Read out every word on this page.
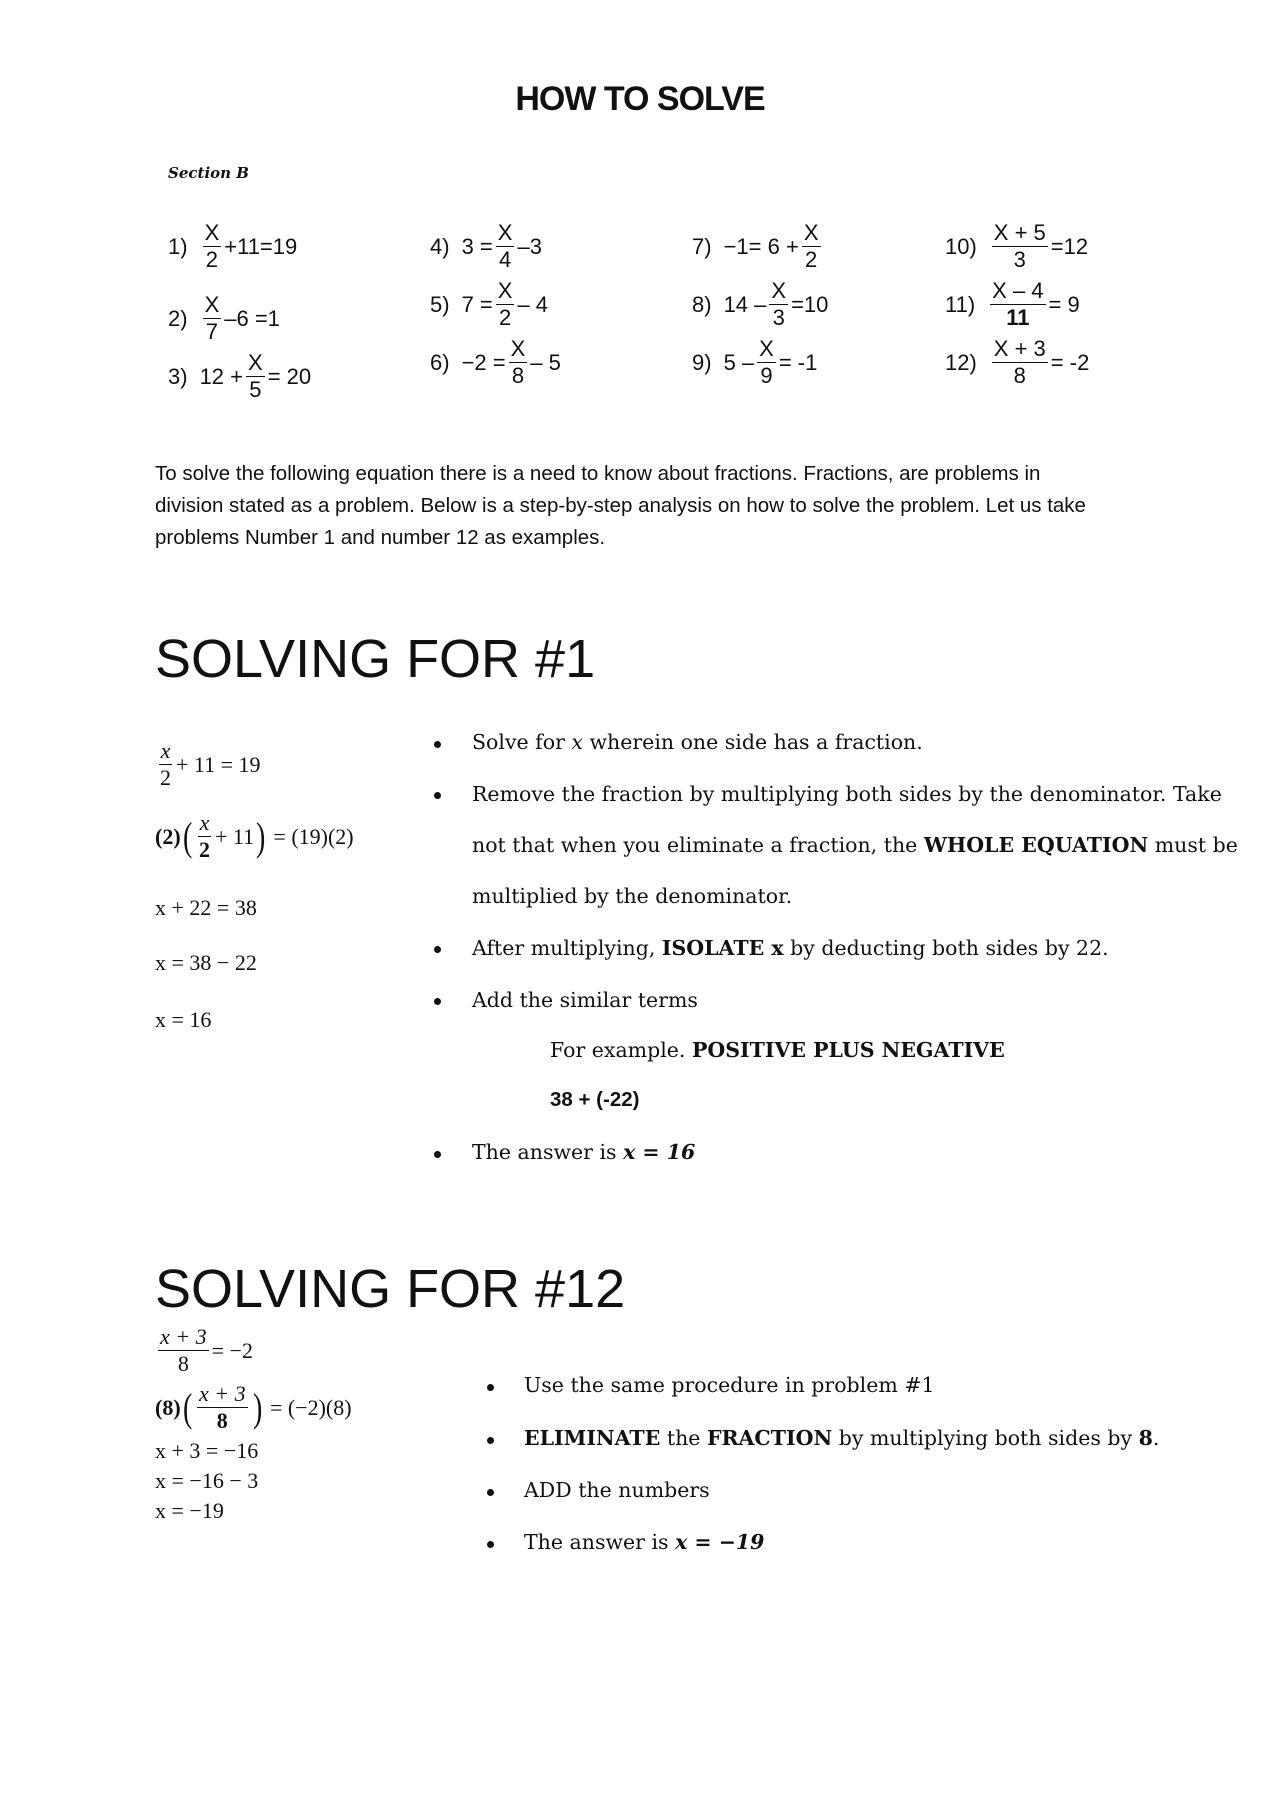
HOW TO SOLVE
Section B
$1) \frac{X}{2} +11=19$
$2) \frac{X}{7} -6 =1$
3) $12 + \frac{X}{5} = 20$
4) $3 = \frac{X}{4} -3$
5) $7 = \frac{X}{2} - 4$
$6) -2 = \frac{X}{8} - 5$
$7) -1= 6 + \frac{X}{2}$
8) $14 - \frac{X}{3} =10$
9) $5 - \frac{X}{9} = -1$
$10) \frac{X + 5}{3} =12$
$11) \frac{X - 4}{11} = 9$
$12) \frac{X + 3}{8} = -2$

To solve the following equation there is a need to know about fractions. Fractions, are problems in division stated as a problem. Below is a step-by-step analysis on how to solve the problem. Let us take problems Number 1 and number 12 as examples.

SOLVING FOR #1
$\frac{x}{2} + 11 = 19$
(2) ( $\frac{x}{2} + 11$ ) = (19)(2)
x + 22 = 38
x = 38 − 22
x = 16
Solve for x wherein one side has a fraction.
Remove the fraction by multiplying both sides by the denominator. Take
not that when you eliminate a fraction, the WHOLE EQUATION must be
multiplied by the denominator.
After multiplying, ISOLATE x by deducting both sides by 22.
Add the similar terms
For example. POSITIVE PLUS NEGATIVE
38 + (-22)
The answer is x = 16
SOLVING FOR #12
$\frac{x + 3}{8} = -2$
(8) ( $\frac{x + 3}{8}$ ) = (−2)(8)
x + 3 = −16
x = −16 − 3
x = −19
Use the same procedure in problem #1
ELIMINATE the FRACTION by multiplying both sides by 8.
ADD the numbers
The answer is x = −19
